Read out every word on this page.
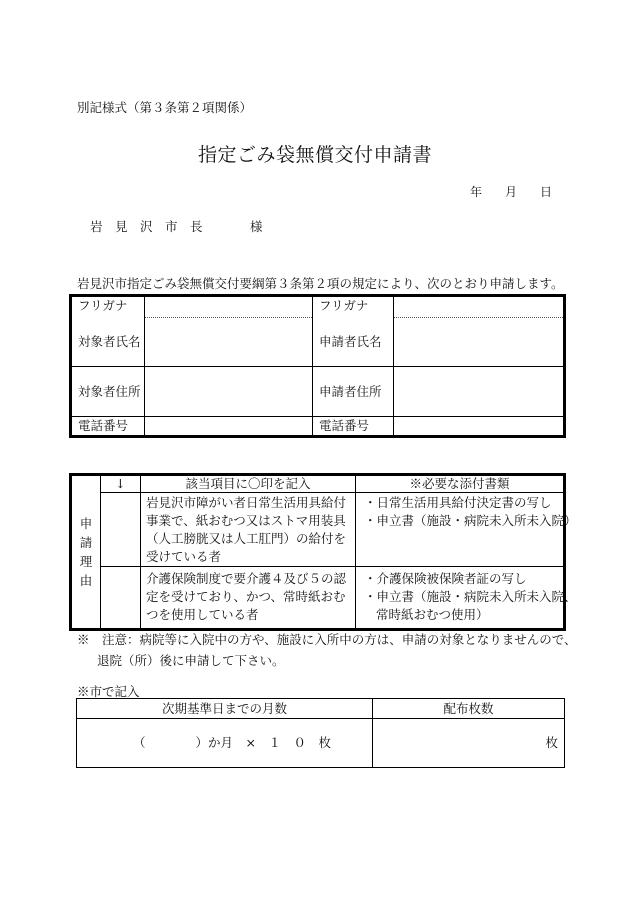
別記様式（第３条第２項関係）
指定ごみ袋無償交付申請書
年 月 日
岩　見　沢　市　長	様
岩見沢市指定ごみ袋無償交付要綱第３条第２項の規定により、次のとおり申請します。
フリガナ		フリガナ	
対象者氏名		申請者氏名	
対象者住所		申請者住所	
電話番号		電話番号	
申
請
理
由	↓	該当項目に〇印を記入	※必要な添付書類

		岩見沢市障がい者日常生活用具給付
事業で、紙おむつ又はストマ用装具
（人工膀胱又は人工肛門）の給付を
受けている者	・日常生活用具給付決定書の写し
・申立書（施設・病院未入所未入院）

		介護保険制度で要介護４及び５の認
定を受けており、かつ、常時紙おむ
つを使用している者	・介護保険被保険者証の写し
・申立書（施設・病院未入所未入院、
常時紙おむつ使用）
※　注意：病院等に入院中の方や、施設に入所中の方は、申請の対象となりませんので、
退院（所）後に申請して下さい。
※市で記入
次期基準日までの月数	配布枚数
（　　　　）か月　×　１　０　枚	枚
